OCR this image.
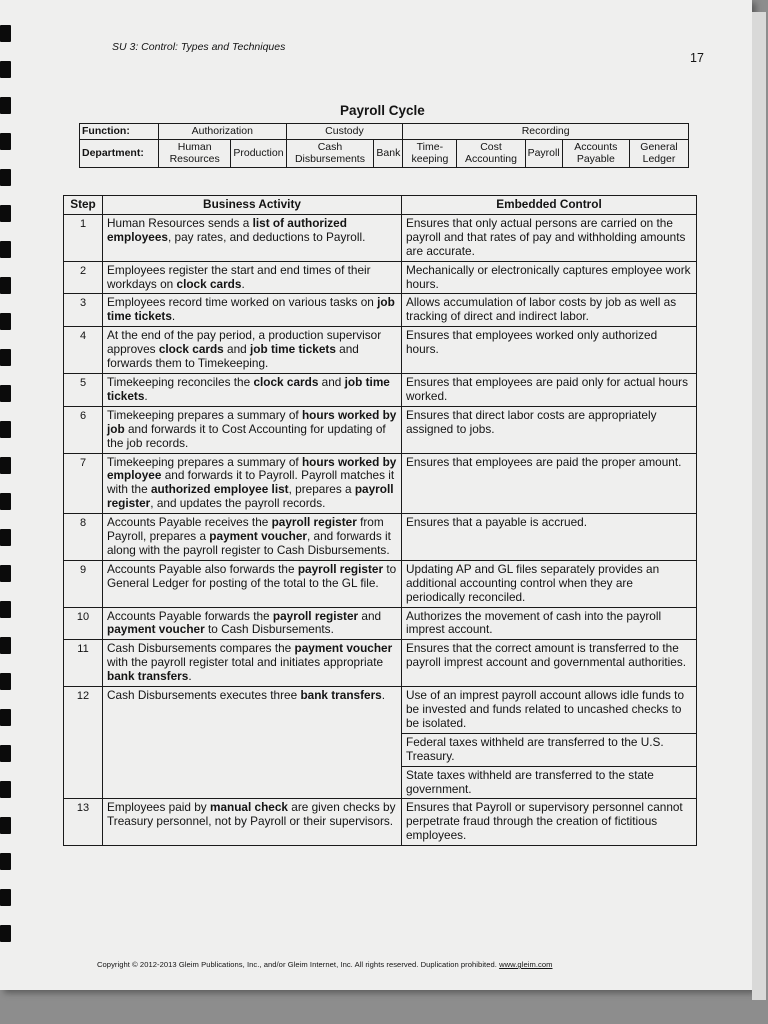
SU 3: Control: Types and Techniques
17
Payroll Cycle
Function:	Authorization		Custody		Recording				
Department:	Human Resources	Production	Cash Disbursements	Bank	Time-keeping	Cost Accounting	Payroll	Accounts Payable	General Ledger
Step	Business Activity	Embedded Control
1	Human Resources sends a list of authorized employees, pay rates, and deductions to Payroll.	Ensures that only actual persons are carried on the payroll and that rates of pay and withholding amounts are accurate.
2	Employees register the start and end times of their workdays on clock cards.	Mechanically or electronically captures employee work hours.
3	Employees record time worked on various tasks on job time tickets.	Allows accumulation of labor costs by job as well as tracking of direct and indirect labor.
4	At the end of the pay period, a production supervisor approves clock cards and job time tickets and forwards them to Timekeeping.	Ensures that employees worked only authorized hours.
5	Timekeeping reconciles the clock cards and job time tickets.	Ensures that employees are paid only for actual hours worked.
6	Timekeeping prepares a summary of hours worked by job and forwards it to Cost Accounting for updating of the job records.	Ensures that direct labor costs are appropriately assigned to jobs.
7	Timekeeping prepares a summary of hours worked by employee and forwards it to Payroll. Payroll matches it with the authorized employee list, prepares a payroll register, and updates the payroll records.	Ensures that employees are paid the proper amount.
8	Accounts Payable receives the payroll register from Payroll, prepares a payment voucher, and forwards it along with the payroll register to Cash Disbursements.	Ensures that a payable is accrued.
9	Accounts Payable also forwards the payroll register to General Ledger for posting of the total to the GL file.	Updating AP and GL files separately provides an additional accounting control when they are periodically reconciled.
10	Accounts Payable forwards the payroll register and payment voucher to Cash Disbursements.	Authorizes the movement of cash into the payroll imprest account.
11	Cash Disbursements compares the payment voucher with the payroll register total and initiates appropriate bank transfers.	Ensures that the correct amount is transferred to the payroll imprest account and governmental authorities.
12	Cash Disbursements executes three bank transfers.	Use of an imprest payroll account allows idle funds to be invested and funds related to uncashed checks to be isolated.
		Federal taxes withheld are transferred to the U.S. Treasury.
		State taxes withheld are transferred to the state government.
13	Employees paid by manual check are given checks by Treasury personnel, not by Payroll or their supervisors.	Ensures that Payroll or supervisory personnel cannot perpetrate fraud through the creation of fictitious employees.
Copyright © 2012-2013 Gleim Publications, Inc., and/or Gleim Internet, Inc. All rights reserved. Duplication prohibited. www.gleim.com
